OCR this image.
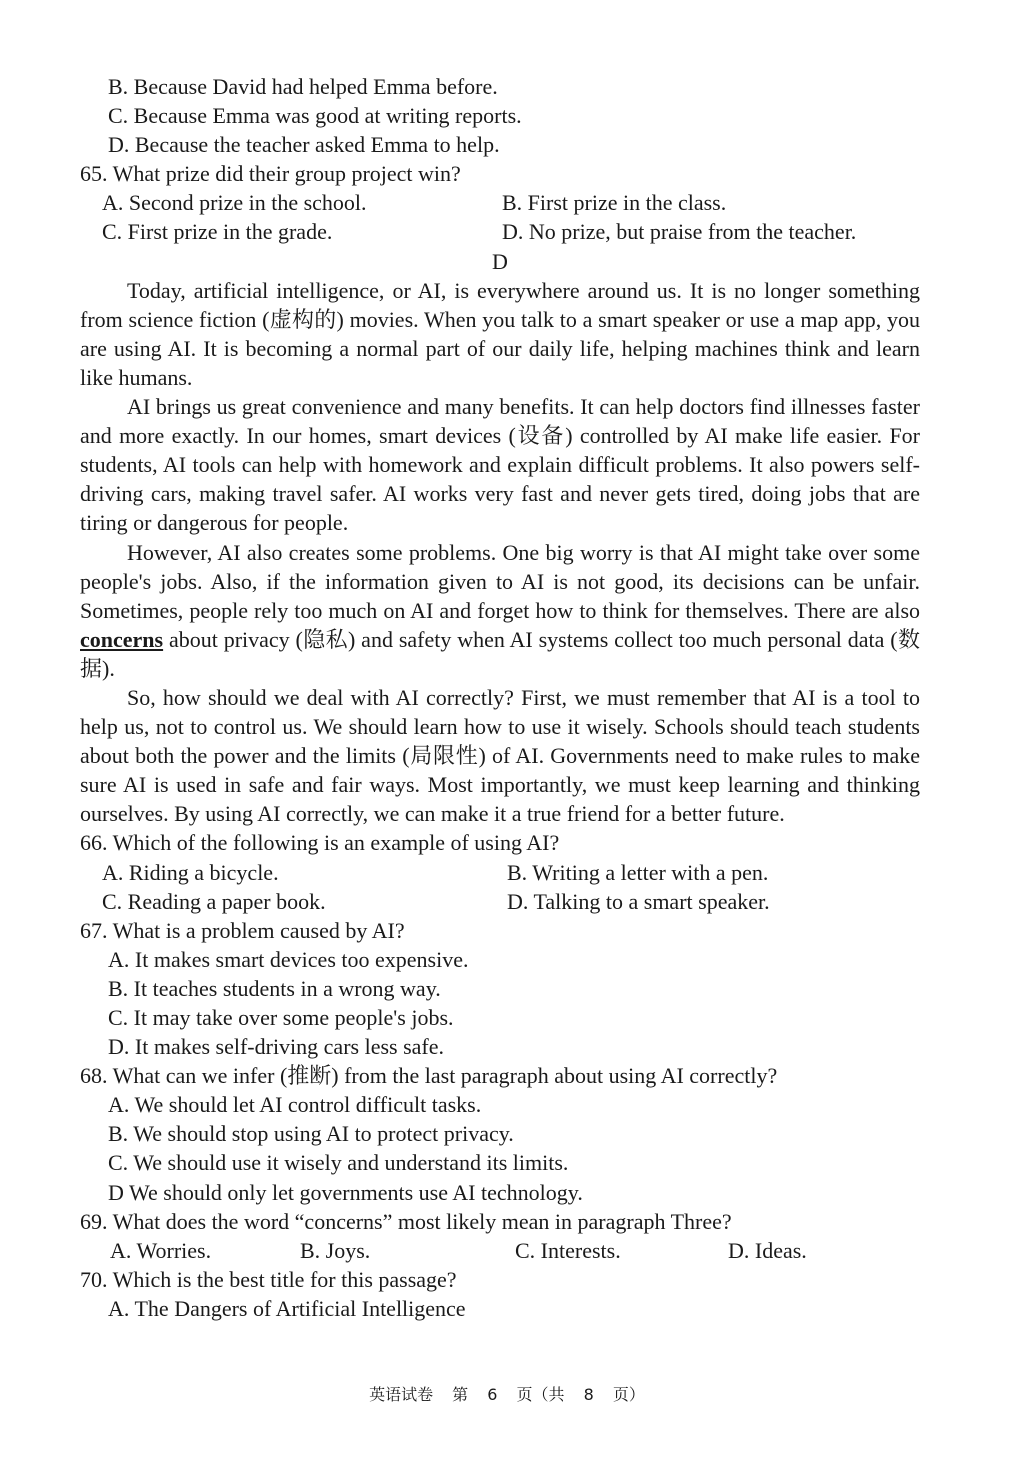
B. Because David had helped Emma before.
C. Because Emma was good at writing reports.
D. Because the teacher asked Emma to help.
65. What prize did their group project win?
A. Second prize in the school.	B. First prize in the class.
C. First prize in the grade.	D. No prize, but praise from the teacher.
D

Today, artificial intelligence, or AI, is everywhere around us. It is no longer something from science fiction (虚构的) movies. When you talk to a smart speaker or use a map app, you are using AI. It is becoming a normal part of our daily life, helping machines think and learn like humans.

AI brings us great convenience and many benefits. It can help doctors find illnesses faster and more exactly. In our homes, smart devices (设备) controlled by AI make life easier. For students, AI tools can help with homework and explain difficult problems. It also powers self-driving cars, making travel safer. AI works very fast and never gets tired, doing jobs that are tiring or dangerous for people.

However, AI also creates some problems. One big worry is that AI might take over some people's jobs. Also, if the information given to AI is not good, its decisions can be unfair. Sometimes, people rely too much on AI and forget how to think for themselves. There are also concerns about privacy (隐私) and safety when AI systems collect too much personal data (数据).

So, how should we deal with AI correctly? First, we must remember that AI is a tool to help us, not to control us. We should learn how to use it wisely. Schools should teach students about both the power and the limits (局限性) of AI. Governments need to make rules to make sure AI is used in safe and fair ways. Most importantly, we must keep learning and thinking ourselves. By using AI correctly, we can make it a true friend for a better future.

66. Which of the following is an example of using AI?
A. Riding a bicycle.	B. Writing a letter with a pen.
C. Reading a paper book.	D. Talking to a smart speaker.
67. What is a problem caused by AI?
A. It makes smart devices too expensive.
B. It teaches students in a wrong way.
C. It may take over some people's jobs.
D. It makes self-driving cars less safe.
68. What can we infer (推断) from the last paragraph about using AI correctly?
A. We should let AI control difficult tasks.
B. We should stop using AI to protect privacy.
C. We should use it wisely and understand its limits.
D We should only let governments use AI technology.
69. What does the word “concerns” most likely mean in paragraph Three?
A. Worries.	B. Joys.	C. Interests.	D. Ideas.
70. Which is the best title for this passage?
A. The Dangers of Artificial Intelligence
英语试卷 第 6 页（共 8 页）
